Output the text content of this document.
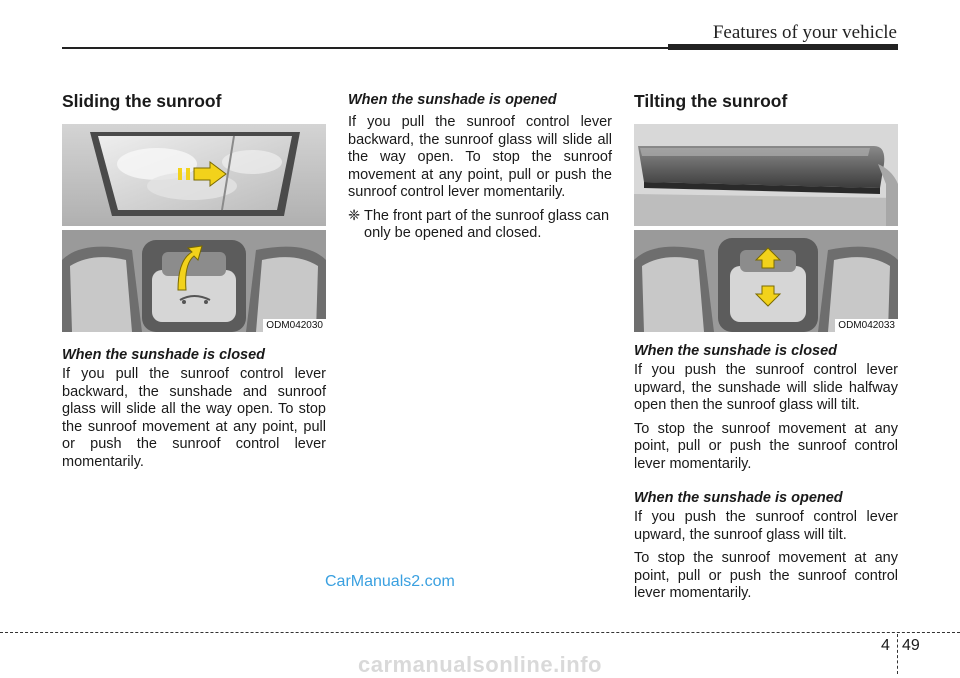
Features of your vehicle
Sliding the sunroof
ODM042030
When the sunshade is closed

If you pull the sunroof control lever backward, the sunshade and sunroof glass will slide all the way open. To stop the sunroof movement at any point, pull or push the sunroof control lever momentarily.

When the sunshade is opened

If you pull the sunroof control lever backward, the sunroof glass will slide all the way open. To stop the sunroof movement at any point, pull or push the sunroof control lever momentarily.

❈ The front part of the sunroof glass can only be opened and closed.
Tilting the sunroof
ODM042033
When the sunshade is closed

If you push the sunroof control lever upward, the sunshade will slide halfway open then the sunroof glass will tilt.

To stop the sunroof movement at any point, pull or push the sunroof control lever momentarily.

When the sunshade is opened

If you push the sunroof control lever upward, the sunroof glass will tilt.

To stop the sunroof movement at any point, pull or push the sunroof control lever momentarily.

CarManuals2.com
4 49
carmanualsonline.info
